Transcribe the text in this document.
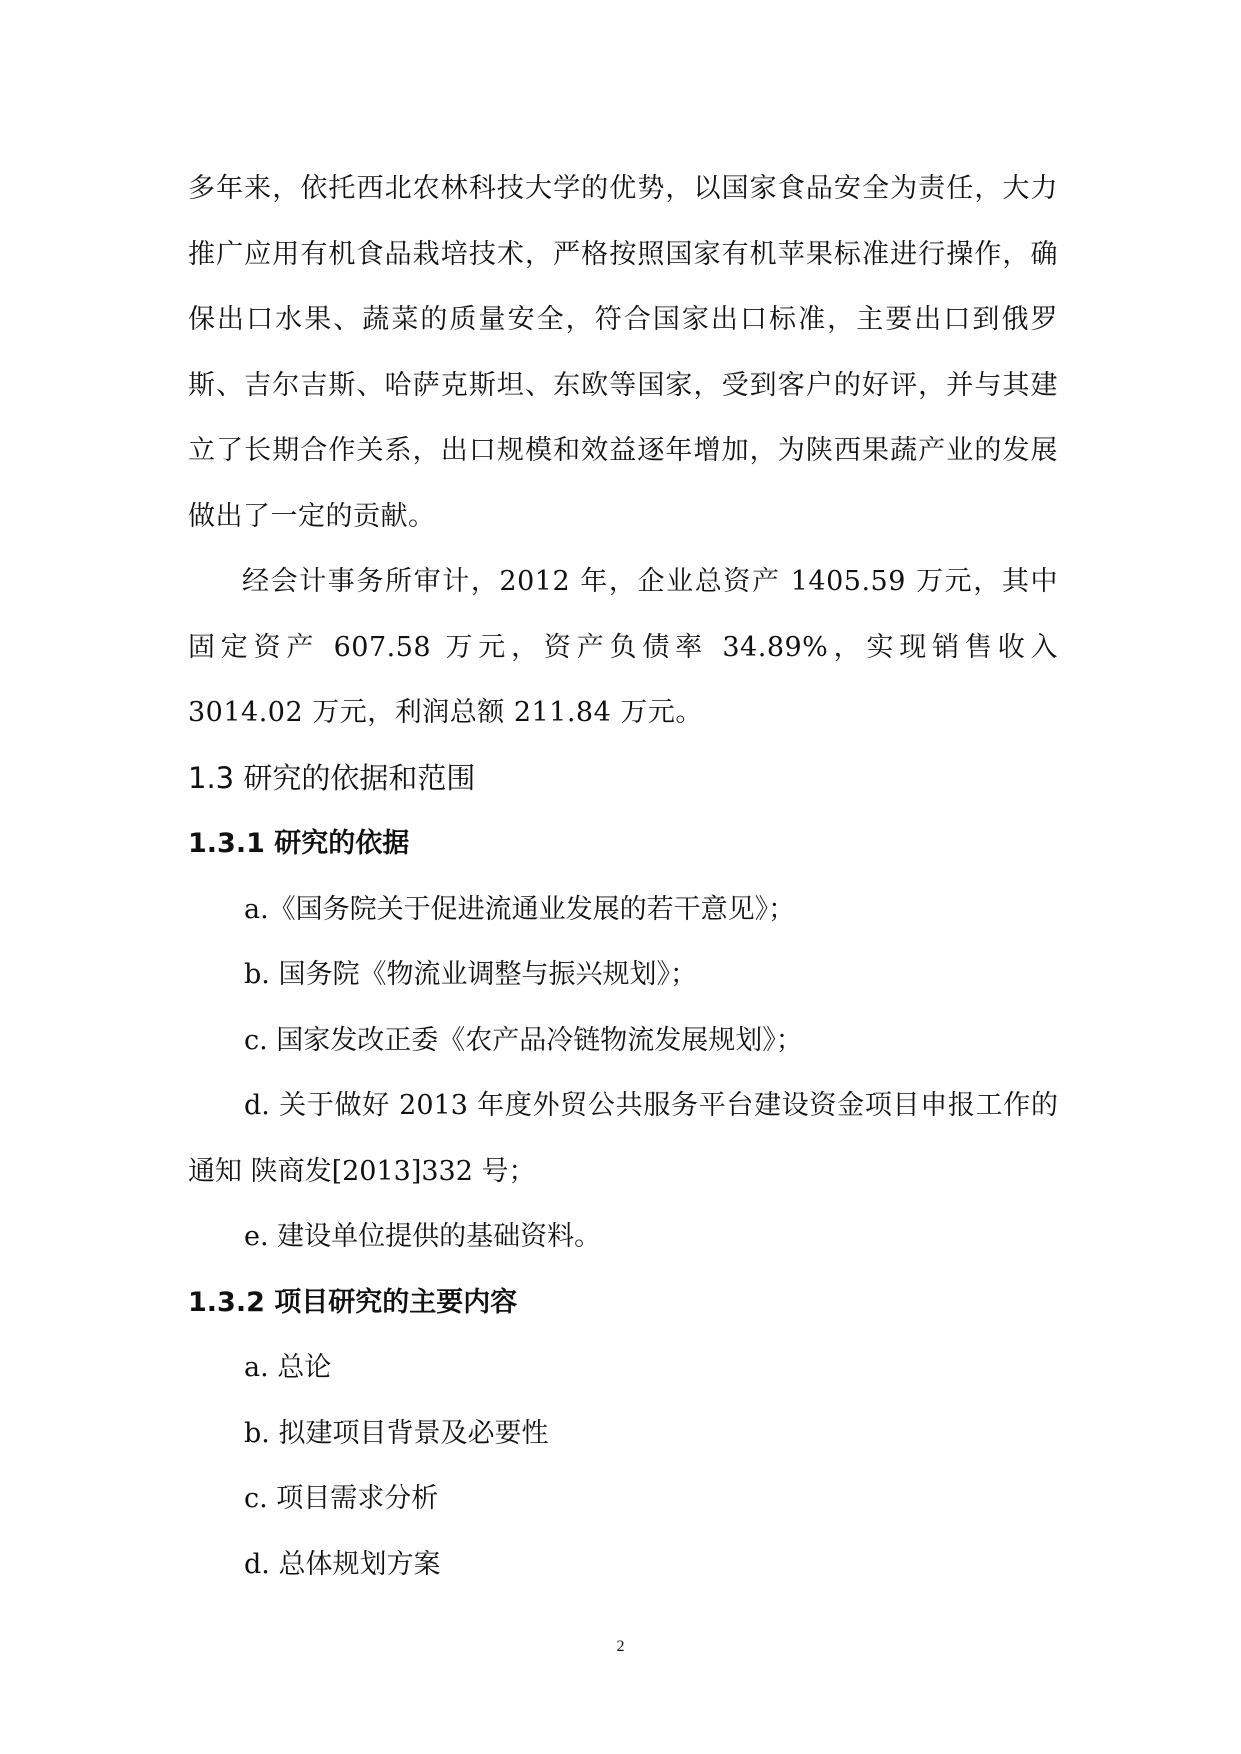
多年来，依托西北农林科技大学的优势，以国家食品安全为责任，大力推广应用有机食品栽培技术，严格按照国家有机苹果标准进行操作，确保出口水果、蔬菜的质量安全，符合国家出口标准，主要出口到俄罗斯、吉尔吉斯、哈萨克斯坦、东欧等国家，受到客户的好评，并与其建立了长期合作关系，出口规模和效益逐年增加，为陕西果蔬产业的发展做出了一定的贡献。

经会计事务所审计，2012 年，企业总资产 1405.59 万元，其中固定资产 607.58 万元，资产负债率 34.89%，实现销售收入 3014.02 万元，利润总额 211.84 万元。

1.3 研究的依据和范围
1.3.1 研究的依据

a.《国务院关于促进流通业发展的若干意见》；

b. 国务院《物流业调整与振兴规划》；

c. 国家发改正委《农产品冷链物流发展规划》；

d. 关于做好 2013 年度外贸公共服务平台建设资金项目申报工作的通知 陕商发[2013]332 号；

e. 建设单位提供的基础资料。

1.3.2 项目研究的主要内容

a. 总论

b. 拟建项目背景及必要性

c. 项目需求分析

d. 总体规划方案

2
